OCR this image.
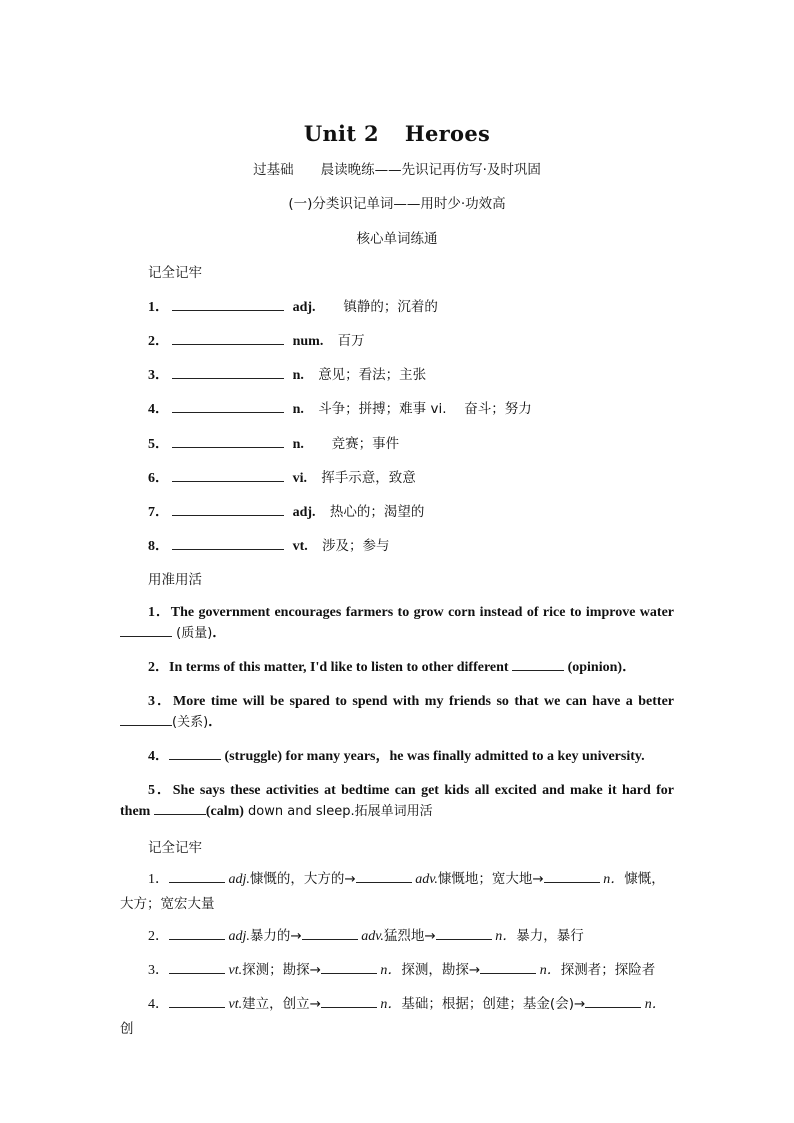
Unit 2 Heroes
过基础　　晨读晚练——先识记再仿写·及时巩固
(一)分类识记单词——用时少·功效高
核心单词练通
记全记牢
1．	adj. 　镇静的；沉着的
2．	num. 百万
3．	n. 意见；看法；主张
4．	n. 斗争；拼搏；难事 vi.　 奋斗；努力
5．	n. 　竞赛；事件
6．	vi. 挥手示意，致意
7．	adj. 热心的；渴望的
8．	vt. 涉及；参与
用准用活
1．The government encourages farmers to grow corn instead of rice to improve water  (质量)．
2．In terms of this matter, I'd like to listen to other different	(opinion)．
3．More time will be spared to spend with my friends so that we can have a better (关系)．
4．	(struggle) for many years，he was finally admitted to a key university.
5．She says these activities at bedtime can get kids all excited and make it hard for them	(calm) down and sleep.拓展单词用活
记全记牢
1．	adj.慷慨的，大方的→	adv.慷慨地；宽大地→	n．慷慨，大方；宽宏大量
2．	adj.暴力的→	adv.猛烈地→	n．暴力，暴行
3．	vt.探测；勘探→	n．探测，勘探→	n．探测者；探险者
4．	vt.建立，创立→	n．基础；根据；创建；基金(会)→	n．创
